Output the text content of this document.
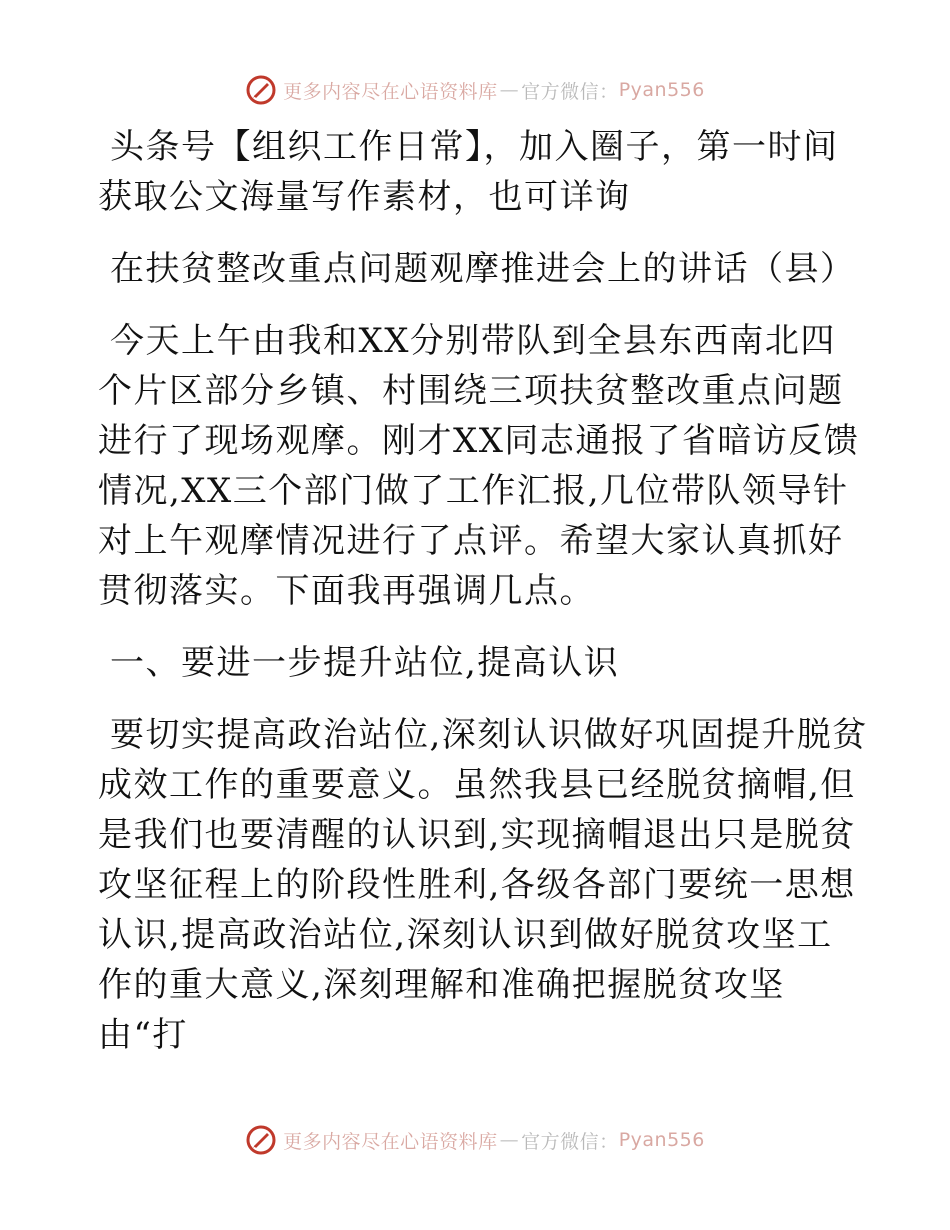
更多内容尽在心语资料库 — 官方微信： Pyan556

头条号【组织工作日常】，加入圈子，第一时间获取公文海量写作素材，也可详询

在扶贫整改重点问题观摩推进会上的讲话（县）

今天上午由我和XX分别带队到全县东西南北四个片区部分乡镇、村围绕三项扶贫整改重点问题进行了现场观摩。刚才XX同志通报了省暗访反馈情况,XX三个部门做了工作汇报,几位带队领导针对上午观摩情况进行了点评。希望大家认真抓好贯彻落实。下面我再强调几点。

一、要进一步提升站位,提高认识

要切实提高政治站位,深刻认识做好巩固提升脱贫成效工作的重要意义。虽然我县已经脱贫摘帽,但是我们也要清醒的认识到,实现摘帽退出只是脱贫攻坚征程上的阶段性胜利,各级各部门要统一思想认识,提高政治站位,深刻认识到做好脱贫攻坚工作的重大意义,深刻理解和准确把握脱贫攻坚由“打

更多内容尽在心语资料库 — 官方微信： Pyan556
